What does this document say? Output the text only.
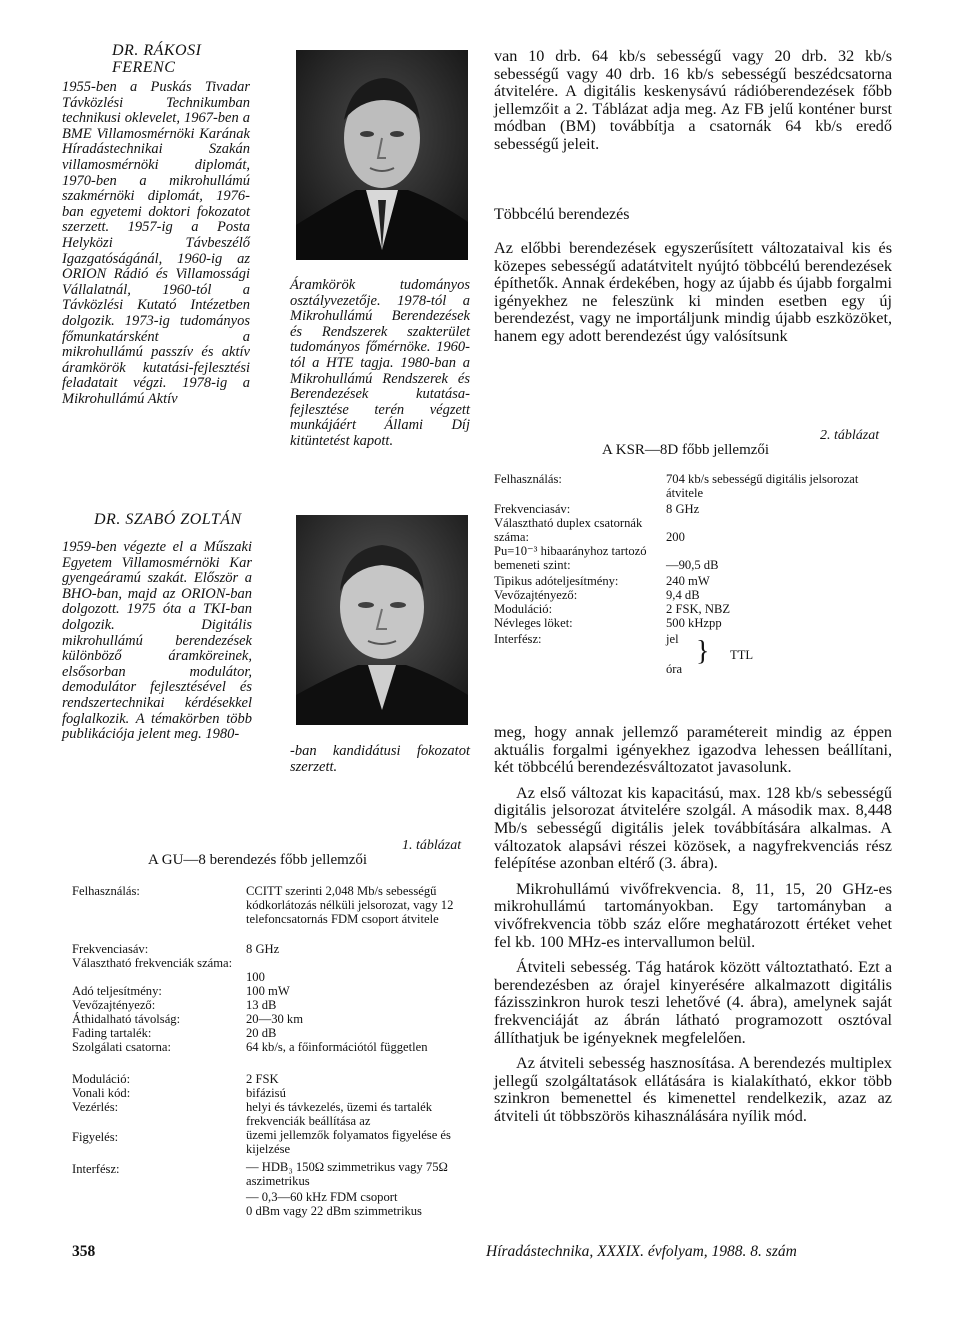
DR. RÁKOSI
FERENC
1955-ben a Puskás Tivadar Távközlési Technikumban technikusi oklevelet, 1967-ben a BME Villamosmérnöki Karának Híradástechnikai Szakán villamosmérnöki diplomát, 1970-ben a mikrohullámú szakmérnöki diplomát, 1976-ban egyetemi doktori fokozatot szerzett. 1957-ig a Posta Helyközi Távbeszélő Igazgatóságánál, 1960-ig az ORION Rádió és Villamossági Vállalatnál, 1960-tól a Távközlési Kutató Intézetben dolgozik. 1973-ig tudományos főmunkatársként a mikrohullámú passzív és aktív áramkörök kutatási-fejlesztési feladatait végzi. 1978-ig a Mikrohullámú Aktív
Áramkörök tudományos osztályvezetője. 1978-tól a Mikrohullámú Berendezések és Rendszerek szakterület tudományos főmérnöke. 1960-tól a HTE tagja. 1980-ban a Mikrohullámú Rendszerek és Berendezések kutatása-fejlesztése terén végzett munkájáért Állami Díj kitüntetést kapott.
DR. SZABÓ ZOLTÁN
1959-ben végezte el a Műszaki Egyetem Villamosmérnöki Kar gyengeáramú szakát. Először a BHO-ban, majd az ORION-ban dolgozott. 1975 óta a TKI-ban dolgozik. Digitális mikrohullámú berendezések különböző áramköreinek, elsősorban modulátor, demodulátor fejlesztésével és rendszertechnikai kérdésekkel foglalkozik. A témakörben több publikációja jelent meg. 1980-
-ban kandidátusi fokozatot szerzett.
van 10 drb. 64 kb/s sebességű vagy 20 drb. 32 kb/s sebességű vagy 40 drb. 16 kb/s sebességű beszédcsatorna átvitelére. A digitális keskenysávú rádióberendezések főbb jellemzőit a 2. Táblázat adja meg. Az FB jelű konténer burst módban (BM) továbbítja a csatornák 64 kb/s eredő sebességű jeleit.
Többcélú berendezés
Az előbbi berendezések egyszerűsített változataival kis és közepes sebességű adatátvitelt nyújtó többcélú berendezések építhetők. Annak érdekében, hogy az újabb és újabb forgalmi igényekhez ne feleszünk ki minden esetben egy új berendezést, vagy ne importáljunk mindig újabb eszközöket, hanem egy adott berendezést úgy valósítsunk
2. táblázat
A KSR—8D főbb jellemzői
Felhasználás:	704 kb/s sebességű digitális jelsorozat átvitele
Frekvenciasáv:	8 GHz
Választható duplex csatornák száma:	200
Pu=10⁻³ hibaarányhoz tartozó bemeneti szint:	—90,5 dB
Tipikus adóteljesítmény:	240 mW
Vevőzajtényező:	9,4 dB
Moduláció:	2 FSK, NBZ
Névleges löket:	500 kHzpp
Interfész:	jel
óra
} TTL

meg, hogy annak jellemző paramétereit mindig az éppen aktuális forgalmi igényekhez igazodva lehessen beállítani, két többcélú berendezésváltozatot javasolunk.

Az első változat kis kapacitású, max. 128 kb/s sebességű digitális jelsorozat átvitelére szolgál. A második max. 8,448 Mb/s sebességű digitális jelek továbbítására alkalmas. A változatok alapsávi részei közösek, a nagyfrekvenciás rész felépítése azonban eltérő (3. ábra).

Mikrohullámú vivőfrekvencia. 8, 11, 15, 20 GHz-es mikrohullámú tartományokban. Egy tartományban a vivőfrekvencia több száz előre meghatározott értéket vehet fel kb. 100 MHz-es intervallumon belül.

Átviteli sebesség. Tág határok között változtatható. Ezt a berendezésben az órajel kinyerésére alkalmazott digitális fázisszinkron hurok teszi lehetővé (4. ábra), amelynek saját frekvenciáját az ábrán látható programozott osztóval állíthatjuk be igényeknek megfelelően.

Az átviteli sebesség hasznosítása. A berendezés multiplex jellegű szolgáltatások ellátására is kialakítható, ekkor több szinkron bemenettel és kimenettel rendelkezik, azaz az átviteli út többszörös kihasználására nyílik mód.

1. táblázat
A GU—8 berendezés főbb jellemzői
Felhasználás:	CCITT szerinti 2,048 Mb/s sebességű kódkorlátozás nélküli jelsorozat, vagy 12 telefoncsatornás FDM csoport átvitele
Frekvenciasáv:	8 GHz
Választható frekvenciák száma:
100
Adó teljesítmény:	100 mW
Vevőzajtényező:	13 dB
Áthidalható távolság:	20—30 km
Fading tartalék:	20 dB
Szolgálati csatorna:	64 kb/s, a főinformációtól független
Moduláció:	2 FSK
Vonali kód:	bifázisú
Vezérlés:	helyi és távkezelés, üzemi és tartalék frekvenciák beállítása az
Figyelés:	üzemi jellemzők folyamatos figyelése és kijelzése
Interfész:	— HDB₃ 150Ω szimmetrikus vagy 75Ω aszimetrikus
— 0,3—60 kHz FDM csoport
0 dBm vagy 22 dBm szimmetrikus
358	Híradástechnika, XXXIX. évfolyam, 1988. 8. szám
